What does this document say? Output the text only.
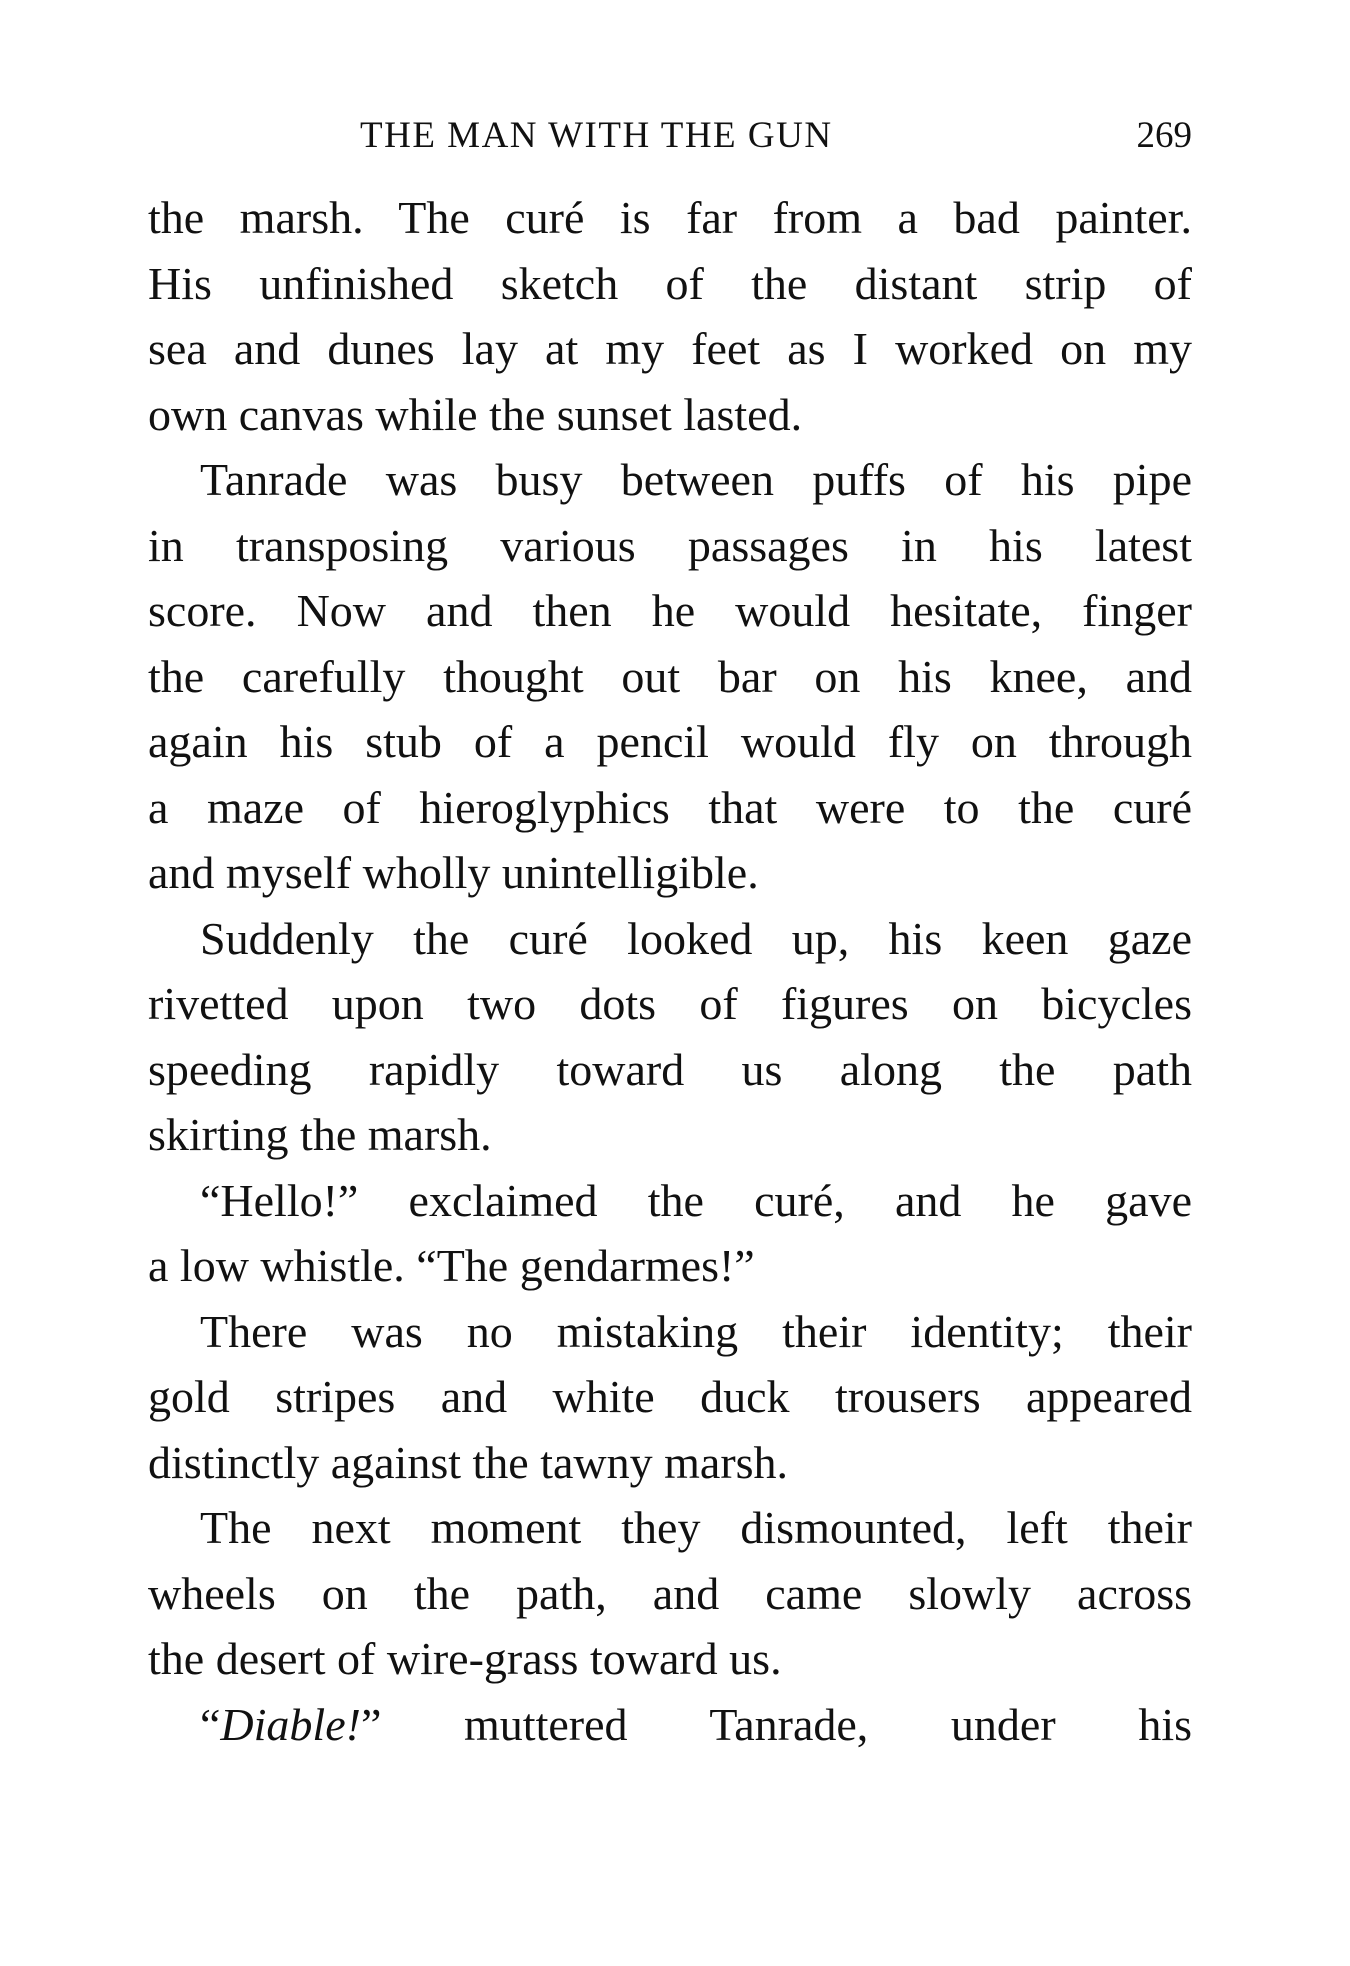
THE MAN WITH THE GUN	269
the marsh. The curé is far from a bad painter.
His unfinished sketch of the distant strip of
sea and dunes lay at my feet as I worked on my
own canvas while the sunset lasted.
Tanrade was busy between puffs of his pipe
in transposing various passages in his latest
score. Now and then he would hesitate, finger
the carefully thought out bar on his knee, and
again his stub of a pencil would fly on through
a maze of hieroglyphics that were to the curé
and myself wholly unintelligible.
Suddenly the curé looked up, his keen gaze
rivetted upon two dots of figures on bicycles
speeding rapidly toward us along the path
skirting the marsh.
“Hello!” exclaimed the curé, and he gave
a low whistle. “The gendarmes!”
There was no mistaking their identity; their
gold stripes and white duck trousers appeared
distinctly against the tawny marsh.
The next moment they dismounted, left their
wheels on the path, and came slowly across
the desert of wire-grass toward us.
“Diable!” muttered Tanrade, under his
